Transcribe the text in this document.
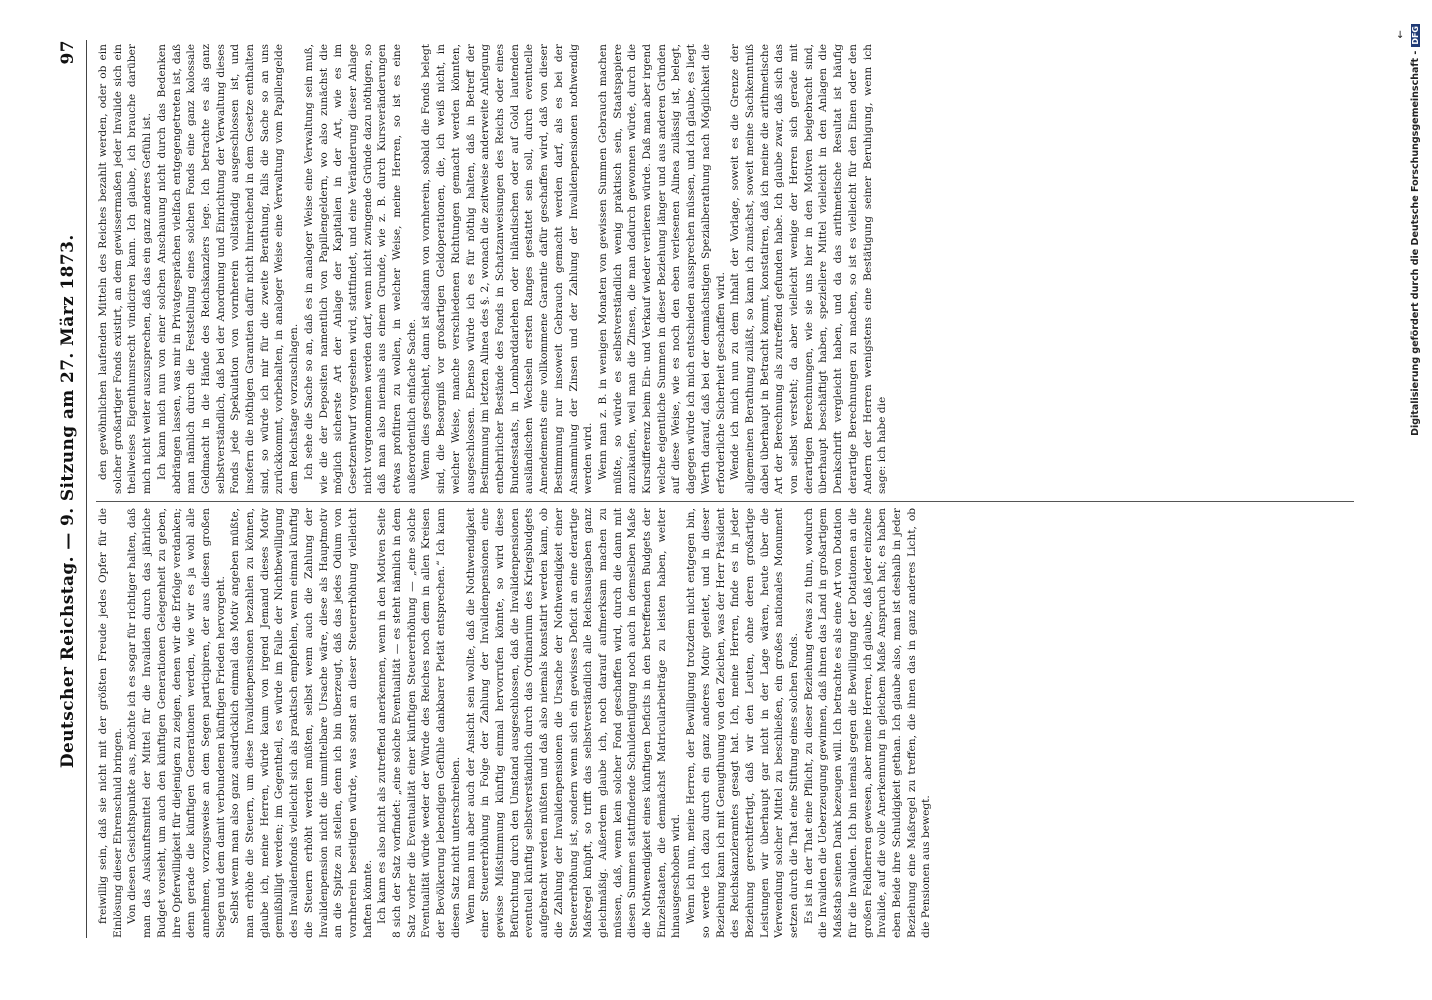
Deutscher Reichstag. — 9. Sitzung am 27. März 1873.
97

freiwillig sein, daß sie nicht mit der größten Freude jedes Opfer für die Einlösung dieser Ehrenschuld bringen. Von diesen Gesichtspunkte aus, möchte ich es sogar für richtiger halten, daß man das Auskunftsmittel der Mittel für die Invaliden durch das jährliche Budget vorsieht, um auch den künftigen Generationen Gelegenheit zu geben, ihre Opferwilligkeit für diejenigen zu zeigen, denen wir die Erfolge verdanken; denn gerade die künftigen Generationen werden, wie wir es ja wohl alle annehmen, vorzugsweise an dem Segen participiren, der aus diesen großen Siegen und dem damit verbundenen künftigen Frieden hervorgeht. Selbst wenn man also ganz ausdrücklich einmal das Motiv angeben müßte, man erhöhe die Steuern, um diese Invalidenpensionen bezahlen zu können, glaube ich, meine Herren, würde kaum von irgend Jemand dieses Motiv gemißbilligt werden; im Gegentheil, es würde im Falle der Nichtbewilligung des Invalidenfonds vielleicht sich als praktisch empfehlen, wenn einmal künftig die Steuern erhöht werden müßten, selbst wenn auch die Zahlung der Invalidenpension nicht die unmittelbare Ursache wäre, diese als Hauptmotiv an die Spitze zu stellen, denn ich bin überzeugt, daß das jedes Odium von vornherein beseitigen würde, was sonst an dieser Steuererhöhung vielleicht haften könnte. Ich kann es also nicht als zutreffend anerkennen, wenn in den Motiven Seite 8 sich der Satz vorfindet: „eine solche Eventualität — es steht nämlich in dem Satz vorher die Eventualität einer künftigen Steuererhöhung — „eine solche Eventualität würde weder der Würde des Reiches noch dem in allen Kreisen der Bevölkerung lebendigen Gefühle dankbarer Pietät entsprechen.“ Ich kann diesen Satz nicht unterschreiben. Wenn man nun aber auch der Ansicht sein wollte, daß die Nothwendigkeit einer Steuererhöhung in Folge der Zahlung der Invalidenpensionen eine gewisse Mißstimmung künftig einmal hervorrufen könnte, so wird diese Befürchtung durch den Umstand ausgeschlossen, daß die Invalidenpensionen eventuell künftig selbstverständlich durch das Ordinarium des Kriegsbudgets aufgebracht werden müßten und daß also niemals konstatirt werden kann, ob die Zahlung der Invalidenpensionen die Ursache der Nothwendigkeit einer Steuererhöhung ist, sondern wenn sich ein gewisses Deficit an eine derartige Maßregel knüpft, so trifft das selbstverständlich alle Reichsausgaben ganz gleichmäßig. Außerdem glaube ich, noch darauf aufmerksam machen zu müssen, daß, wenn kein solcher Fond geschaffen wird, durch die dann mit diesen Summen stattfindende Schuldentilgung noch auch in demselben Maße die Nothwendigkeit eines künftigen Deficits in den betreffenden Budgets der Einzelstaaten, die demnächst Matricularbeiträge zu leisten haben, weiter hinausgeschoben wird. Wenn ich nun, meine Herren, der Bewilligung trotzdem nicht entgegen bin, so werde ich dazu durch ein ganz anderes Motiv geleitet, und in dieser Beziehung kann ich mit Genugthuung von den Zeichen, was der Herr Präsident des Reichskanzleramtes gesagt hat. Ich, meine Herren, finde es in jeder Beziehung gerechtfertigt, daß wir den Leuten, ohne deren großartige Leistungen wir überhaupt gar nicht in der Lage wären, heute über die Verwendung solcher Mittel zu beschließen, ein großes nationales Monument setzen durch die That eine Stiftung eines solchen Fonds. Es ist in der That eine Pflicht, zu dieser Beziehung etwas zu thun, wodurch die Invaliden die Ueberzeugung gewinnen, daß ihnen das Land in großartigem Maßstab seinen Dank bezeugen will. Ich betrachte es als eine Art von Dotation für die Invaliden. Ich bin niemals gegen die Bewilligung der Dotationen an die großen Feldherren gewesen, aber meine Herren, ich glaube, daß jeder einzelne Invalide, auf die volle Anerkennung in gleichem Maße Anspruch hat; es haben eben Beide ihre Schuldigkeit gethan. Ich glaube also, man ist deshalb in jeder Beziehung eine Maßregel zu treffen, die ihnen das in ganz anderes Licht, ob die Pensionen aus bewegt.

den gewöhnlichen laufenden Mitteln des Reiches bezahlt werden, oder ob ein solcher großartiger Fonds existirt, an dem gewissermaßen jeder Invalide sich ein theilweises Eigenthumsrecht vindiciren kann. Ich glaube, ich brauche darüber mich nicht weiter auszusprechen, daß das ein ganz anderes Gefühl ist. Ich kann mich nun von einer solchen Anschauung nicht durch das Bedenken abdrängen lassen, was mir in Privatgesprächen vielfach entgegengetreten ist, daß man nämlich durch die Feststellung eines solchen Fonds eine ganz kolossale Geldmacht in die Hände des Reichskanzlers lege. Ich betrachte es als ganz selbstverständlich, daß bei der Anordnung und Einrichtung der Verwaltung dieses Fonds jede Spekulation von vornherein vollständig ausgeschlossen ist, und insofern die nöthigen Garantien dafür nicht hinreichend in dem Gesetze enthalten sind, so würde ich mir für die zweite Berathung, falls die Sache so an uns zurückkommt, vorbehalten, in analoger Weise eine Verwaltung vom Papillengelde dem Reichstage vorzuschlagen. Ich sehe die Sache so an, daß es in analoger Weise eine Verwaltung sein muß, wie die der Depositen namentlich von Papillengeldern, wo also zunächst die möglich sicherste Art der Anlage der Kapitalien in der Art, wie es im Gesetzentwurf vorgesehen wird, stattfindet, und eine Veränderung dieser Anlage nicht vorgenommen werden darf, wenn nicht zwingende Gründe dazu nöthigen, so daß man also niemals aus einem Grunde, wie z. B. durch Kursveränderungen etwas profitiren zu wollen, in welcher Weise, meine Herren, so ist es eine außerordentlich einfache Sache. Wenn dies geschieht, dann ist alsdann von vornherein, sobald die Fonds belegt sind, die Besorgniß vor großartigen Geldoperationen, die, ich weiß nicht, in welcher Weise, manche verschiedenen Richtungen gemacht werden könnten, ausgeschlossen. Ebenso würde ich es für nöthig halten, daß in Betreff der Bestimmung im letzten Alinea des §. 2, wonach die zeitweise anderweite Anlegung entbehrlicher Bestände des Fonds in Schatzanweisungen des Reichs oder eines Bundesstaats, in Lombarddarlehen oder inländischen oder auf Gold lautenden ausländischen Wechseln ersten Ranges gestattet sein soll, durch eventuelle Amendements eine vollkommene Garantie dafür geschaffen wird, daß von dieser Bestimmung nur insoweit Gebrauch gemacht werden darf, als es bei der Ansammlung der Zinsen und der Zahlung der Invalidenpensionen nothwendig werden wird. Wenn man z. B. in wenigen Monaten von gewissen Summen Gebrauch machen müßte, so würde es selbstverständlich wenig praktisch sein, Staatspapiere anzukaufen, weil man die Zinsen, die man dadurch gewonnen würde, durch die Kursdifferenz beim Ein- und Verkauf wieder verlieren würde. Daß man aber irgend welche eigentliche Summen in dieser Beziehung länger und aus anderen Gründen auf diese Weise, wie es noch den eben verlesenen Alinea zulässig ist, belegt, dagegen würde ich mich entschieden aussprechen müssen, und ich glaube, es liegt Werth darauf, daß bei der demnächstigen Spezialberathung nach Möglichkeit die erforderliche Sicherheit geschaffen wird. Wende ich mich nun zu dem Inhalt der Vorlage, soweit es die Grenze der allgemeinen Berathung zuläßt, so kann ich zunächst, soweit meine Sachkenntniß dabei überhaupt in Betracht kommt, konstatiren, daß ich meine die arithmetische Art der Berechnung als zutreffend gefunden habe. Ich glaube zwar, daß sich das von selbst versteht; da aber vielleicht wenige der Herren sich gerade mit derartigen Berechnungen, wie sie uns hier in den Motiven beigebracht sind, überhaupt beschäftigt haben, speziellere Mittel vielleicht in den Anlagen die Denkschrift vergleicht haben, und da das arithmetische Resultat ist häufig derartige Berechnungen zu machen, so ist es vielleicht für den Einen oder den Andern der Herren wenigstens eine Bestätigung seiner Beruhigung, wenn ich sage: ich habe die

↓
Digitalisierung gefördert durch die Deutsche Forschungsgemeinschaft -
DFG
